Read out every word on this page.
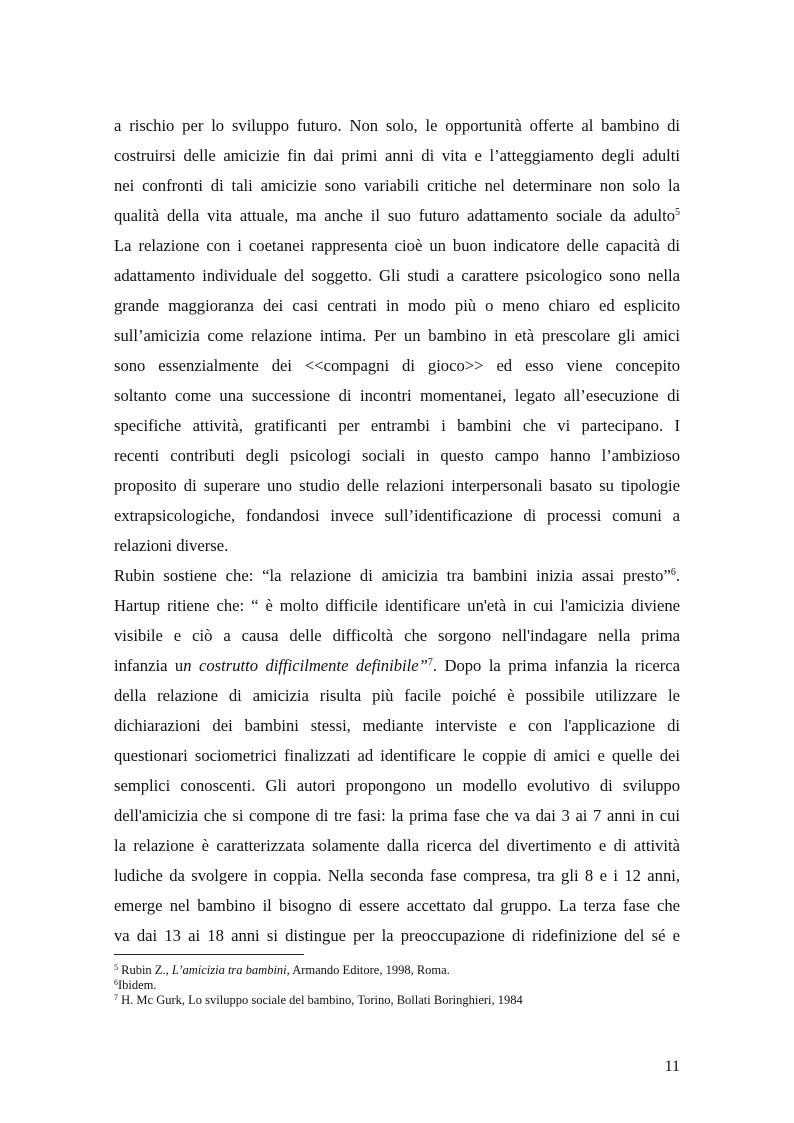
a rischio per lo sviluppo futuro. Non solo, le opportunità offerte al bambino di
costruirsi delle amicizie fin dai primi anni di vita e l’atteggiamento degli adulti
nei confronti di tali amicizie sono variabili critiche nel determinare non solo la
qualità della vita attuale, ma anche il suo futuro adattamento sociale da adulto$^5$
La relazione con i coetanei rappresenta cioè un buon indicatore delle capacità di
adattamento individuale del soggetto. Gli studi a carattere psicologico sono nella
grande maggioranza dei casi centrati in modo più o meno chiaro ed esplicito
sull’amicizia come relazione intima. Per un bambino in età prescolare gli amici
sono essenzialmente dei <<compagni di gioco>> ed esso viene concepito
soltanto come una successione di incontri momentanei, legato all’esecuzione di
specifiche attività, gratificanti per entrambi i bambini che vi partecipano. I
recenti contributi degli psicologi sociali in questo campo hanno l’ambizioso
proposito di superare uno studio delle relazioni interpersonali basato su tipologie
extrapsicologiche, fondandosi invece sull’identificazione di processi comuni a
relazioni diverse.
Rubin sostiene che: “la relazione di amicizia tra bambini inizia assai presto”$^6$.
Hartup ritiene che: “ è molto difficile identificare un'età in cui l'amicizia diviene
visibile e ciò a causa delle difficoltà che sorgono nell'indagare nella prima
infanzia un costrutto difficilmente definibile”$^7$. Dopo la prima infanzia la ricerca
della relazione di amicizia risulta più facile poiché è possibile utilizzare le
dichiarazioni dei bambini stessi, mediante interviste e con l'applicazione di
questionari sociometrici finalizzati ad identificare le coppie di amici e quelle dei
semplici conoscenti. Gli autori propongono un modello evolutivo di sviluppo
dell'amicizia che si compone di tre fasi: la prima fase che va dai 3 ai 7 anni in cui
la relazione è caratterizzata solamente dalla ricerca del divertimento e di attività
ludiche da svolgere in coppia. Nella seconda fase compresa, tra gli 8 e i 12 anni,
emerge nel bambino il bisogno di essere accettato dal gruppo. La terza fase che
va dai 13 ai 18 anni si distingue per la preoccupazione di ridefinizione del sé e
$^5$ Rubin Z., L’amicizia tra bambini, Armando Editore, 1998, Roma.
$^6$Ibidem.
$^7$ H. Mc Gurk, Lo sviluppo sociale del bambino, Torino, Bollati Boringhieri, 1984
11
